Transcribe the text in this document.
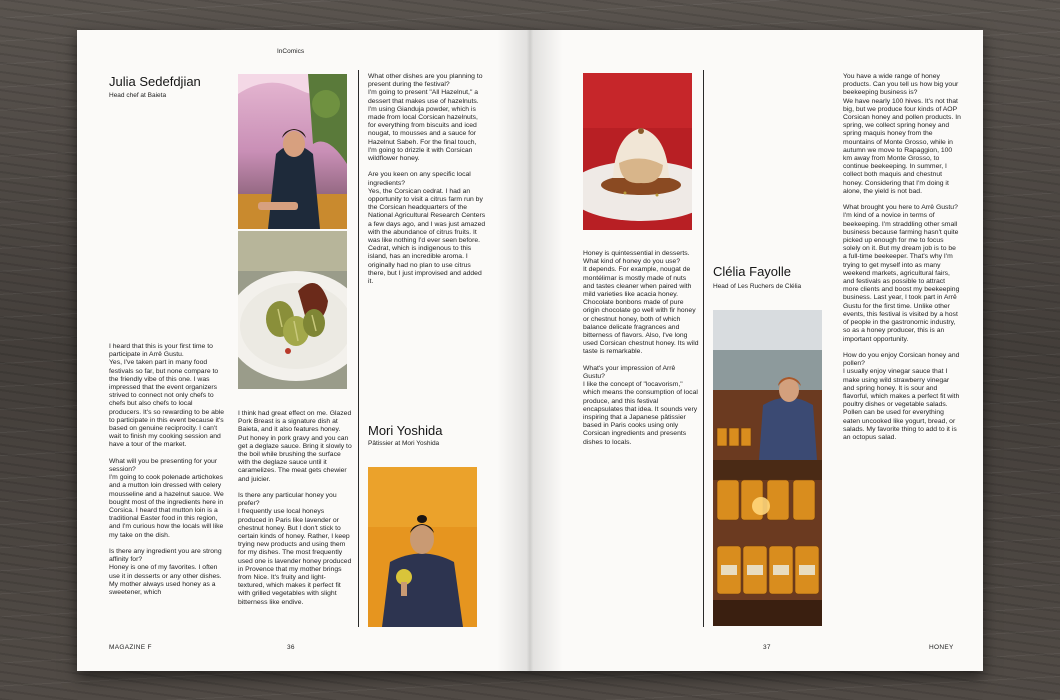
InComics
Julia Sedefdjian
Head chef at Baieta
I heard that this is your first time to participate in Arrê Gustu.
Yes, I've taken part in many food festivals so far, but none compare to the friendly vibe of this one. I was impressed that the event organizers strived to connect not only chefs to chefs but also chefs to local producers. It's so rewarding to be able to participate in this event because it's based on genuine reciprocity. I can't wait to finish my cooking session and have a tour of the market.

What will you be presenting for your session?
I'm going to cook polenade artichokes and a mutton loin dressed with celery mousseline and a hazelnut sauce. We bought most of the ingredients here in Corsica. I heard that mutton loin is a traditional Easter food in this region, and I'm curious how the locals will like my take on the dish.

Is there any ingredient you are strong affinity for?
Honey is one of my favorites. I often use it in desserts or any other dishes. My mother always used honey as a sweetener, which
I think had great effect on me. Glazed Pork Breast is a signature dish at Baieta, and it also features honey. Put honey in pork gravy and you can get a deglaze sauce. Bring it slowly to the boil while brushing the surface with the deglaze sauce until it caramelizes. The meat gets chewier and juicier.

Is there any particular honey you prefer?
I frequently use local honeys produced in Paris like lavender or chestnut honey. But I don't stick to certain kinds of honey. Rather, I keep trying new products and using them for my dishes. The most frequently used one is lavender honey produced in Provence that my mother brings from Nice. It's fruity and light-textured, which makes it perfect fit with grilled vegetables with slight bitterness like endive.
What other dishes are you planning to present during the festival?
I'm going to present "All Hazelnut," a dessert that makes use of hazelnuts. I'm using Gianduja powder, which is made from local Corsican hazelnuts, for everything from biscuits and iced nougat, to mousses and a sauce for Hazelnut Sabeh. For the final touch, I'm going to drizzle it with Corsican wildflower honey.

Are you keen on any specific local ingredients?
Yes, the Corsican cedrat. I had an opportunity to visit a citrus farm run by the Corsican headquarters of the National Agricultural Research Centers a few days ago, and I was just amazed with the abundance of citrus fruits. It was like nothing I'd ever seen before. Cedrat, which is indigenous to this island, has an incredible aroma. I originally had no plan to use citrus there, but I just improvised and added it.
Mori Yoshida
Pâtissier at Mori Yoshida
MAGAZINE F	36
Honey is quintessential in desserts. What kind of honey do you use?
It depends. For example, nougat de montélimar is mostly made of nuts and tastes cleaner when paired with mild varieties like acacia honey. Chocolate bonbons made of pure origin chocolate go well with fir honey or chestnut honey, both of which balance delicate fragrances and bitterness of flavors. Also, I've long used Corsican chestnut honey. Its wild taste is remarkable.

What's your impression of Arrê Gustu?
I like the concept of "locavorism," which means the consumption of local produce, and this festival encapsulates that idea. It sounds very inspiring that a Japanese pâtissier based in Paris cooks using only Corsican ingredients and presents dishes to locals.
Clélia Fayolle
Head of Les Ruchers de Clélia
You have a wide range of honey products. Can you tell us how big your beekeeping business is?
We have nearly 100 hives. It's not that big, but we produce four kinds of AOP Corsican honey and pollen products. In spring, we collect spring honey and spring maquis honey from the mountains of Monte Grosso, while in autumn we move to Rapaggion, 100 km away from Monte Grosso, to continue beekeeping. In summer, I collect both maquis and chestnut honey. Considering that I'm doing it alone, the yield is not bad.

What brought you here to Arrê Gustu?
I'm kind of a novice in terms of beekeeping. I'm straddling other small business because farming hasn't quite picked up enough for me to focus solely on it. But my dream job is to be a full-time beekeeper. That's why I'm trying to get myself into as many weekend markets, agricultural fairs, and festivals as possible to attract more clients and boost my beekeeping business. Last year, I took part in Arrê Gustu for the first time. Unlike other events, this festival is visited by a host of people in the gastronomic industry, so as a honey producer, this is an important opportunity.

How do you enjoy Corsican honey and pollen?
I usually enjoy vinegar sauce that I make using wild strawberry vinegar and spring honey. It is sour and flavorful, which makes a perfect fit with poultry dishes or vegetable salads. Pollen can be used for everything eaten uncooked like yogurt, bread, or salads. My favorite thing to add to it is an octopus salad.
37	HONEY
